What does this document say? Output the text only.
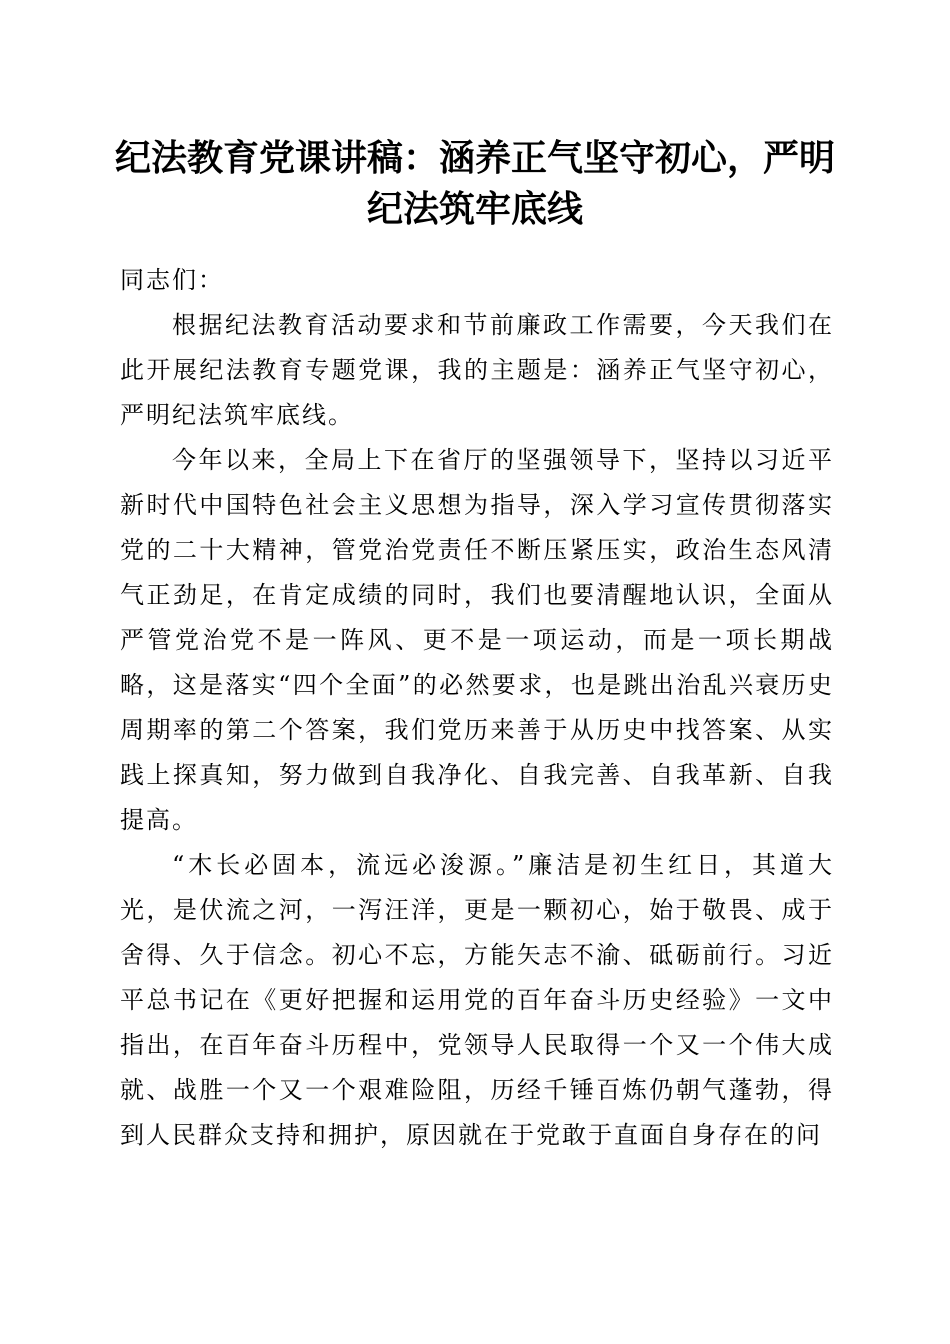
纪法教育党课讲稿：涵养正气坚守初心，严明纪法筑牢底线

同志们：

根据纪法教育活动要求和节前廉政工作需要，今天我们在此开展纪法教育专题党课，我的主题是：涵养正气坚守初心，严明纪法筑牢底线。

今年以来，全局上下在省厅的坚强领导下，坚持以习近平新时代中国特色社会主义思想为指导，深入学习宣传贯彻落实党的二十大精神，管党治党责任不断压紧压实，政治生态风清气正劲足，在肯定成绩的同时，我们也要清醒地认识，全面从严管党治党不是一阵风、更不是一项运动，而是一项长期战略，这是落实“四个全面”的必然要求，也是跳出治乱兴衰历史周期率的第二个答案，我们党历来善于从历史中找答案、从实践上探真知，努力做到自我净化、自我完善、自我革新、自我提高。

“木长必固本，流远必浚源。”廉洁是初生红日，其道大光，是伏流之河，一泻汪洋，更是一颗初心，始于敬畏、成于舍得、久于信念。初心不忘，方能矢志不渝、砥砺前行。习近平总书记在《更好把握和运用党的百年奋斗历史经验》一文中指出，在百年奋斗历程中，党领导人民取得一个又一个伟大成就、战胜一个又一个艰难险阻，历经千锤百炼仍朝气蓬勃，得到人民群众支持和拥护，原因就在于党敢于直面自身存在的问
